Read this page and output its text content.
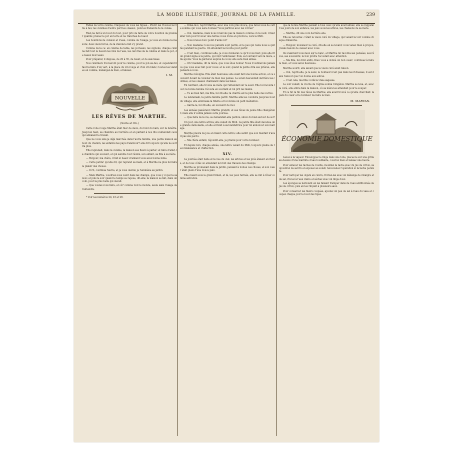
LA MODE ILLUSTRÉE, JOURNAL DE LA FAMILLE.	239

Faites de votre cuisine, Claqueux de vous les figues... Plutôt les trouvez la rôtie à feu; les cuisines d'autre part les oiseaux, puis les fraisents de la cuisse.

Rien ne fait à un bout du tout, pour prix de faire de votre bouillon de premier qualité; prenez le pot en terre et ne tranches de bœuf.

Les bouillons de cuisson et d'eau, comme de l'usage, je vous en donne la mesure; deux deux livres, de la viande le fait s'y prend.

Comme de la ce: en cuisine de table, les poireaux, les oignons, chaque cuisine fait tout le besoin les vins de l'eau, les carottes de la cuisine et dans le pot, de beaux morceaux.

Pour préparer, il dispose, de 20 à 35, de bœuf, et de saucisses.

Nos cuisiniers trouveront pour la cuisine, pour le pot-au-feu, et cependant il faut la faire d'un vert, à la place du vin rouge et d'un vin blanc; toutes les viandes en cuisine, mélangez-la bien, et laissez.

I. M.
NOUVELLE
LES RÊVES DE MARTHE.
(Suite et fin.)

Cette robe rouge Marthe était hier de deux, du fond du bain, sur la fenêtre. Jusqu'en haut, sa chambre au Carrière et en parlant à nos lits s'entendait ceux qui aimaient le travail.

Que ne vous suis-je déjà marchée dans l'autre famille, une petite maison au bout du chemin, les enfants des pays d'alentour? elle dit toujours qu'elle ne sortira plus.

Elle reprenait, dans la cuisine, la maison ses fleurs à parler; et faire d'aller, la chambre qui souvent, et qui semble tout réunis, son enfant, sa fille à sa mère.

— Bonjour, ma chère, il fait si beau! vraiment vous avez bonne mine.

— Cette petite! qu'elle dit, qui reprend sa main, et à Marthe ne plus lui faire le plaisir des choses.

— Il rit, continua l'autre, et je vous devrai; je l'emmène au jardin.

— Mais Marthe, voudriez-vous venir dans les champs, que vous y voyez la saison; et puis le soir quand le temps se repose, dit-elle; la maison se fait, dans un coin, pour la plus belle qui devait.

— Que voulez-vous faire, et où? comme tout le monde, seule sans l'usage de l'entendre.

* Voir les numéros 20, 23 et 28.

— Dites-moi, reprit Marthe, avec une voix plus douce, que ferez-vous de cette somme qui vous sera donnée? Vous partirez avec les vôtres?

— Oui, madame, mais nous n'aurons pas la maison comme on la veut; il faut aller loin pour trouver une ferme; nous irons en province, vers le Midi.

— Vous n'avez donc point d'amis ici?

— Non madame: tous nos parents sont partis, et le peu qui reste nous a quittés pendant la guerre. On attendait la récolte pour partir.

— C'est bien, continua-t-elle, je vous donnerai ce qu'il vous faut; puis elle fit un grand signe à la petite, qui vint l'embrasser. Puis, se tournant vers la mère, elle ajouta: Vous la garderez auprès de vous; elle sera bien aimée.

— Oh! madame, dit la mère, que vous êtes bonne! Nous n'oublierons jamais ce que vous avez fait pour nous; et le soir, quand la petite dira ses prières, elle pensera à vous.

Marthe s'éloigna. Elle était heureuse; elle avait fait une bonne action, et ce souvenir devait la consoler de bien des peines. Le soleil descendait derrière les collines, et les oiseaux chantaient dans les haies.

En rentrant, elle trouva sa mère qui l'attendait sur le seuil. Elle lui raconta tout; la bonne femme l'écouta en souriant et lui prit les mains.

— Tu as bien fait, ma fille, lui dit-elle; la charité est la plus belle des vertus.

Le lendemain, la petite famille partit. Marthe alla les conduire jusqu'au bout du village; elle embrassa la fillette et lui donna un petit médaillon.

— Garde-le, lui dit-elle, en souvenir de moi.

Les années passèrent; Marthe grandit, et ses rêves de jeune fille changèrent; mais elle n'oublia jamais cette journée.

— Que faire de la vie, se demandait-elle parfois, sinon du bien autour de soi?

Un jour, une lettre arriva; elle venait du Midi. La petite fille était devenue une grande demoiselle, et elle écrivait à sa bienfaitrice pour lui annoncer son mariage.

Marthe pleura de joie en lisant cette lettre; elle sentit que son bienfait n'avait pas été perdu.

— Ma chère enfant, répondit-elle, je prierai pour votre bonheur.

Et depuis lors, chaque année, une lettre venait du Midi, toujours pleine de reconnaissance et d'affection.

XIV.

La journée était belle et la vue du ciel; les arbres et les prés étaient en fleurs, et de tous côtés on entendait le bruit des travaux des champs.

Marthe se promenait dans le jardin, pensant à toutes ces choses, et son cœur était plein d'une douce paix.

Elle s'assit sous le grand tilleul, et là, les yeux fermés, elle se mit à rêver comme autrefois.

que la bonne Marthe pensait à tous ceux qu'elle avait aimés; elle se rappelait les jours de son enfance, les jeux sous les arbres, les chansons de sa mère.

— Marthe, dit une voix derrière elle.

Elle se retourna: c'était le vieux curé du village, qui venait la voir comme chaque dimanche.

— Bonjour, monsieur le curé, dit-elle en se levant; vous venez bien à propos, j'avais besoin de causer avec vous.

Ils s'assirent tous deux sur le banc, et Marthe lui raconta ses pensées, ses rêves, ses souvenirs; le bon prêtre l'écoutait avec attention.

— Ma fille, lui dit-il enfin, Dieu vous a donné un bon cœur; continuez à faire le bien, et vous serez heureuse.

Marthe sourit; elle savait que le vieux curé avait raison.

— Oui, reprit-elle, je le sens; le bonheur n'est pas dans les richesses, il est dans l'amour que l'on donne aux autres.

— C'est cela, ma fille; voilà la vraie sagesse.

Le soir venait; la cloche de l'église sonna l'Angélus. Marthe se leva, et, avec le curé, elle entra dans la maison, où sa mère les attendait pour le souper.

Et ce fut la fin des rêves de Marthe; elle avait trouvé ce qu'elle cherchait: la paix du cœur et le bonheur de faire le bien.

M. MARYAN.
ÉCONOMIE DOMESTIQUE

Lavez à la vapeur. Enveloppez le linge dans une toile, placez-le sur une grille au-dessus d'une marmite d'eau bouillante, couvrez bien et laissez une heure.

Pour enlever les taches de rouille, mouillez la tache avec du jus de citron, saupoudrez de sel fin et exposez au soleil; renouvelez l'opération si la tache persiste.

Pour nettoyer les objets en cuivre, frottez-les avec un mélange de vinaigre et de sel, rincez à l'eau claire et séchez avec un linge doux.

Les éponges se nettoient en les faisant tremper dans de l'eau additionnée de jus de citron, puis en les rinçant à plusieurs eaux.

Pour conserver les fleurs coupées, ajoutez un peu de sel à l'eau du vase et coupez chaque jour le bout des tiges.
